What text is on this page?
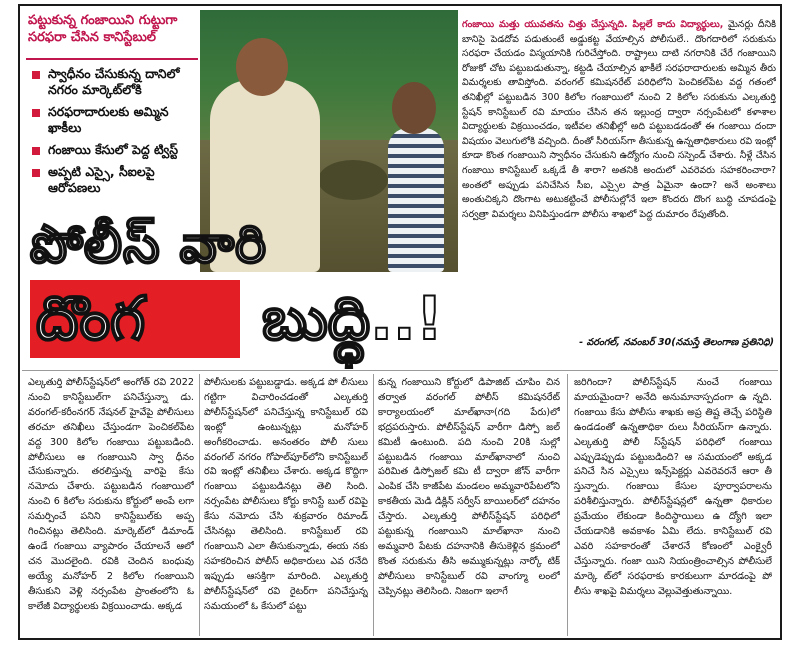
పట్టుకున్న గంజాయిని గుట్టుగా సరఫరా చేసిన కానిస్టేబుల్
స్వాధీనం చేసుకున్న దానిలో నగరం మార్కెట్‌లోకి
సరఫరాదారులకు అమ్మిన ఖాకీలు
గంజాయి కేసులో పెద్ద ట్విస్ట్
అప్పటి ఎస్సై, సీఐలపై ఆరోపణలు
గంజాయి మత్తు యువతను చిత్తు చేస్తున్నది. పిల్లలే కాదు విద్యార్థులు, మైనర్లు దీనికి బానిసై పెడదోవ పడుతుంటే అడ్డుకట్ట వేయాల్సిన పోలీసులే.. దొంగదారిలో సరుకును సరఫరా చేయడం విస్మయానికి గురిచేస్తోంది. రాష్ట్రాలు దాటి నగరానికి చేరే గంజాయిని రోజుకో చోట పట్టుబడుతున్నా, కట్టడి చేయాల్సిన ఖాకీలే సరఫరాదారులకు అమ్మిన తీరు విమర్శలకు తావిస్తోంది. వరంగల్ కమిషనరేట్ పరిధిలోని పెంచికల్‌పేట వద్ద గతంలో తనిఖీల్లో పట్టుబడిన 300 కిలోల గంజాయిలో నుంచి 2 కిలోల సరుకును ఎల్కతుర్తి స్టేషన్ కానిస్టేబుల్ రవి మాయం చేసిన తన ఇల్లుంద్ర ద్వారా నర్సంపేటలో కళాశాల విద్యార్థులకు విక్రయించడం, ఇటీవల తనిఖీల్లో అది పట్టుబడడంతో ఈ గంజాయి దందా విషయం వెలుగులోకి వచ్చింది. దీంతో సీరియస్‌గా తీసుకున్న ఉన్నతాధికారులు రవి ఇంట్లో కూడా కొంత గంజాయిని స్వాధీనం చేసుకుని ఉద్యోగం నుంచి సస్పెండ్ చేశారు. నీళ్లే చేసిన గంజాయి కానిస్టేబుల్ ఒక్కడే తీ శారా? అతనికి అందులో ఎవరెవరు సహకరించారా? అంతలో అప్పుడు పనిచేసిన సీఐ, ఎస్సైల పాత్ర ఏమైనా ఉందా? అనే అంశాలు అంతుచిక్కని దొంగాట అటుకట్టించే పోలీసుల్లోనే ఇలా కొందరు దొంగ బుద్ధి చూపడంపై సర్వత్రా విమర్శలు వినిపిస్తుండగా పోలీసు శాఖలో పెద్ద దుమారం రేపుతోంది.
- వరంగల్, నవంబర్ 30(నమస్తే తెలంగాణ ప్రతినిధి)
పోలీస్ వారి
దొంగ బుద్ధి..!
ఎల్కతుర్తి పోలీస్‌స్టేషన్‌లో అంగోత్ రవి 2022 నుంచి కానిస్టేబుల్‌గా పనిచేస్తున్నా డు. వరంగల్-కరీంనగర్ నేషనల్ హైవేపై పోలీసులు తరచూ తనిఖీలు చేస్తుండగా పెంచికల్‌పేట వద్ద 300 కిలోల గంజాయి పట్టుబడింది. పోలీసులు ఆ గంజాయిని స్వా ధీనం చేసుకున్నారు. తరలిస్తున్న వారిపై కేసు నమోదు చేశారు. పట్టుబడిన గంజాయిలో నుంచి 6 కిలోల సరుకును కోర్టులో అంపే లగా సమర్పించే పనిని కానిస్టేబుల్‌కు అప్ప గించినట్లు తెలిసింది. మార్కెట్‌లో డిమాండ్ ఉండే గంజాయి వ్యాపారం చేయాలనే ఆలో చన మొదలైంది. రవికి చెందిన బంధువు అయ్యే మనోహర్ 2 కిలోల గంజాయిని తీసుకుని వెళ్లి నర్సంపేట ప్రాంతంలోని ఓ కాలేజీ విద్యార్థులకు విక్రయించాడు. అక్కడ
పోలీసులకు పట్టుబడ్డాడు. అక్కడ పో లీసులు గట్టిగా విచారించడంతో ఎల్కతుర్తి పోలీస్‌స్టేషన్‌లో పనిచేస్తున్న కానిస్టేబుల్ రవి ఇంట్లో ఉంటున్నట్లు మనోహర్ అంగీకరించాడు. అనంతరం పోలీ సులు వరంగల్ నగరం గోపాల్‌పూర్‌లోని కానిస్టేబుల్ రవి ఇంట్లో తనిఖీలు చేశారు. అక్కడ కొద్దిగా గంజాయి పట్టుబడినట్లు తెలి సింది. నర్సంపేట పోలీసులు కోర్టు కానిస్టే బుల్ రవిపై కేసు నమోదు చేసి శుక్రవారం రిమాండ్ చేసినట్లు తెలిసింది. కానిస్టేబుల్ రవి గంజాయిని ఎలా తీసుకున్నాడు, ఈయ నకు సహకరించిన పోలీస్ అధికారులు ఎవ రనేది ఇప్పుడు ఆసక్తిగా మారింది. ఎల్కతుర్తి పోలీస్‌స్టేషన్‌లో రవి రైటర్‌గా పనిచేస్తున్న సమయంలో ఓ కేసులో పట్టు
కున్న గంజాయిని కోర్టులో డిపాజిట్ చూపిం చిన తర్వాత వరంగల్ పోలీస్ కమిషనరేట్ కార్యాలయంలో మాల్‌ఖానా(గది పేరు)లో భద్రపరుస్తారు. పోలీస్‌స్టేషన్ వారీగా డిస్పో జల్ కమిటీ ఉంటుంది. పది నుంచి 20కి సుల్లో పట్టుబడిన గంజాయి మాల్‌ఖానాలో నుంచి పరిమిత డిస్పోజల్ కమి టీ ద్వారా జోన్ వారీగా ఎంపిక చేసి కాజీపేట మండలం అమ్మవారిపేటలోని కాకతీయ మెడి డిక్లిన్ సర్వీస్ బాయిలర్‌లో దహనం చేస్తారు. ఎల్కతుర్తి పోలీస్‌స్టేషన్ పరిధిలో పట్టుకున్న గంజాయిని మాల్‌ఖానా నుంచి అమ్మవారి పేటకు దహనానికి తీసుకెళ్లిన క్రమంలో కొంత సరుకును తీసి అమ్ముకున్నట్లు నార్కో టిక్ పోలీసులు కానిస్టేబుల్ రవి వాంగ్మూ లంలో చెప్పినట్లు తెలిసింది. నిజంగా ఇలాగే
జరిగిందా? పోలీస్‌స్టేషన్ నుంచే గంజాయి మాయమైందా? అనేది అనుమానాస్పదంగా ఉ న్నది. గంజాయి కేసు పోలీసు శాఖకు అప్ర తిష్ట తెచ్చే పరిస్థితి ఉండడంతో ఉన్నతాధికా రులు సీరియస్‌గా ఉన్నారు. ఎల్కతుర్తి పోలీ స్‌స్టేషన్ పరిధిలో గంజాయి ఎప్పుడెప్పుడు పట్టుబడింది? ఆ సమయంలో అక్కడ పనిచే సిన ఎస్సైలు ఇన్స్‌పెక్టర్లు ఎవరెవరనే ఆరా తీ స్తున్నారు. గంజాయి కేసుల పూర్వాపరాలను పరిశీలిస్తున్నారు. పోలీస్‌స్టేషన్లలో ఉన్నతా ధికారుల ప్రమేయం లేకుండా కిందిస్థాయిలు ఉ ద్యోగి ఇలా చేయడానికి అవకాశం ఏమి లేదు. కానిస్టేబుల్ రవి ఎవరి సహకారంతో చేశారనే కోణంలో ఎంక్వైరీ చేస్తున్నారు. గంజా యిని నియంత్రించాల్సిన పోలీసులే మార్కె ట్‌లో సరఫరాకు కారకులుగా మారడంపై పో లీసు శాఖపై విమర్శలు వెల్లువెత్తుతున్నాయి.
